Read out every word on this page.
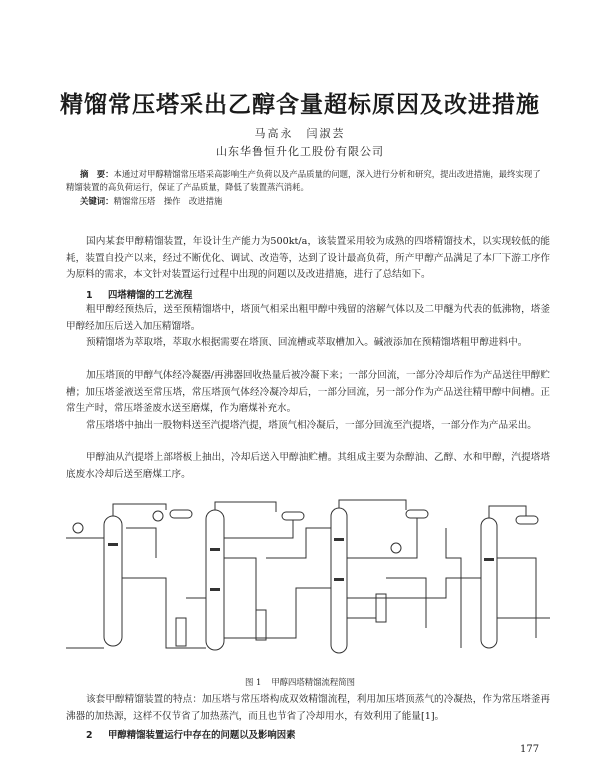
精馏常压塔采出乙醇含量超标原因及改进措施
马高永　闫淑芸
山东华鲁恒升化工股份有限公司
摘　要：本通过对甲醇精馏常压塔采高影响生产负荷以及产品质量的问题，深入进行分析和研究，提出改进措施，最终实现了精馏装置的高负荷运行，保证了产品质量，降低了装置蒸汽消耗。
关键词：精馏常压塔　操作　改进措施
国内某套甲醇精馏装置，年设计生产能力为500kt/a，该装置采用较为成熟的四塔精馏技术，以实现较低的能耗，装置自投产以来，经过不断优化、调试、改造等，达到了设计最高负荷，所产甲醇产品满足了本厂下游工序作为原料的需求，本文针对装置运行过程中出现的问题以及改进措施，进行了总结如下。
1 四塔精馏的工艺流程
粗甲醇经预热后，送至预精馏塔中，塔顶气相采出粗甲醇中残留的溶解气体以及二甲醚为代表的低沸物，塔釜甲醇经加压后送入加压精馏塔。
预精馏塔为萃取塔，萃取水根据需要在塔顶、回流槽或萃取槽加入。碱液添加在预精馏塔粗甲醇进料中。
加压塔顶的甲醇气体经冷凝器/再沸器回收热量后被冷凝下来；一部分回流，一部分冷却后作为产品送往甲醇贮槽；加压塔釜液送至常压塔，常压塔顶气体经冷凝冷却后，一部分回流，另一部分作为产品送往精甲醇中间槽。正常生产时，常压塔釜废水送至磨煤，作为磨煤补充水。
常压塔塔中抽出一股物料送至汽提塔汽提，塔顶气相冷凝后，一部分回流至汽提塔，一部分作为产品采出。
甲醇油从汽提塔上部塔板上抽出，冷却后送入甲醇油贮槽。其组成主要为杂醇油、乙醇、水和甲醇，汽提塔塔底废水冷却后送至磨煤工序。
图 1 甲醇四塔精馏流程简图
该套甲醇精馏装置的特点：加压塔与常压塔构成双效精馏流程，利用加压塔顶蒸气的冷凝热，作为常压塔釜再沸器的加热源，这样不仅节省了加热蒸汽，而且也节省了冷却用水，有效利用了能量[1]。
2 甲醇精馏装置运行中存在的问题以及影响因素
177
